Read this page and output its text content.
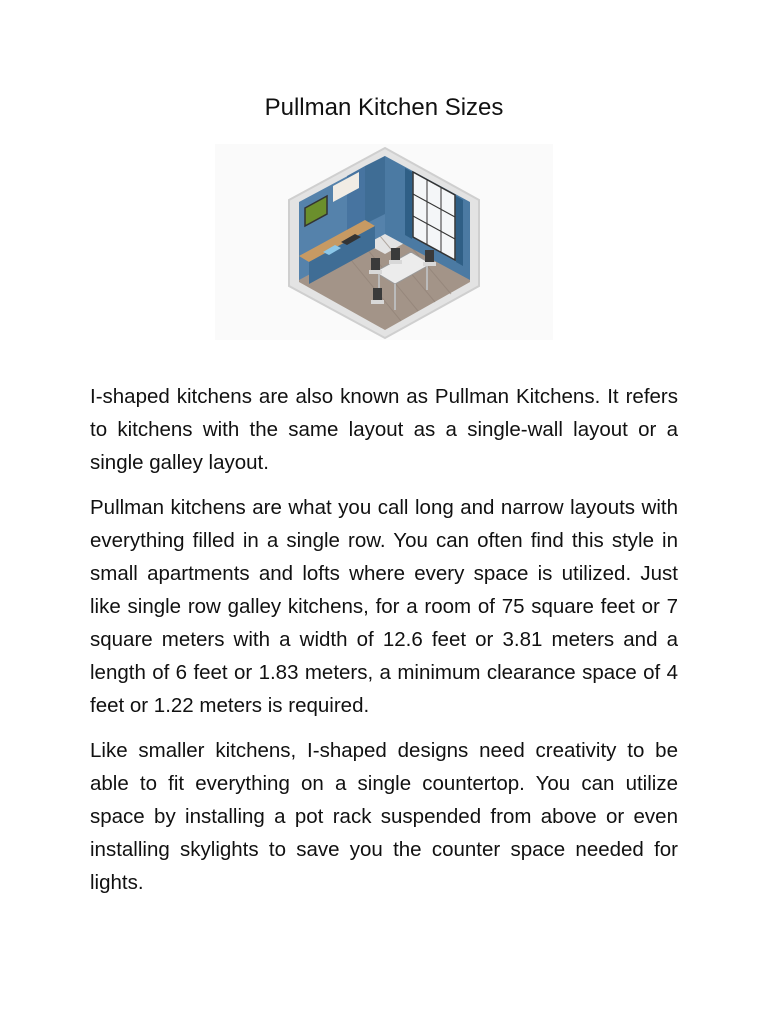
Pullman Kitchen Sizes

I-shaped kitchens are also known as Pullman Kitchens. It refers to kitchens with the same layout as a single-wall layout or a single galley layout.

Pullman kitchens are what you call long and narrow layouts with everything filled in a single row. You can often find this style in small apartments and lofts where every space is utilized. Just like single row galley kitchens, for a room of 75 square feet or 7 square meters with a width of 12.6 feet or 3.81 meters and a length of 6 feet or 1.83 meters, a minimum clearance space of 4 feet or 1.22 meters is required.

Like smaller kitchens, I-shaped designs need creativity to be able to fit everything on a single countertop. You can utilize space by installing a pot rack suspended from above or even installing skylights to save you the counter space needed for lights.
